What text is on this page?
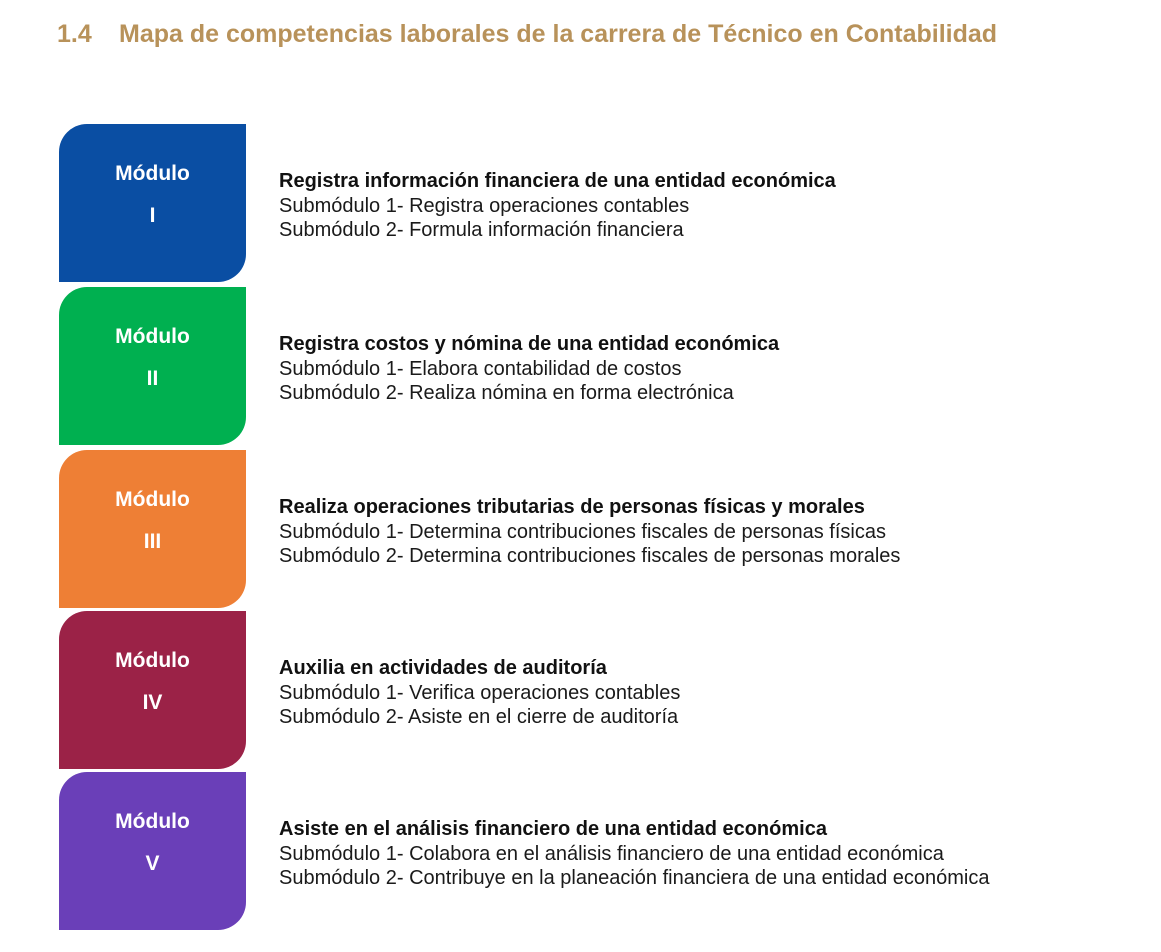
1.4 Mapa de competencias laborales de la carrera de Técnico en Contabilidad
Módulo
I
Registra información financiera de una entidad económica
Submódulo 1- Registra operaciones contables
Submódulo 2- Formula información financiera
Módulo
II
Registra costos y nómina de una entidad económica
Submódulo 1- Elabora contabilidad de costos
Submódulo 2- Realiza nómina en forma electrónica
Módulo
III
Realiza operaciones tributarias de personas físicas y morales
Submódulo 1- Determina contribuciones fiscales de personas físicas
Submódulo 2- Determina contribuciones fiscales de personas morales
Módulo
IV
Auxilia en actividades de auditoría
Submódulo 1- Verifica operaciones contables
Submódulo 2- Asiste en el cierre de auditoría
Módulo
V
Asiste en el análisis financiero de una entidad económica
Submódulo 1- Colabora en el análisis financiero de una entidad económica
Submódulo 2- Contribuye en la planeación financiera de una entidad económica
